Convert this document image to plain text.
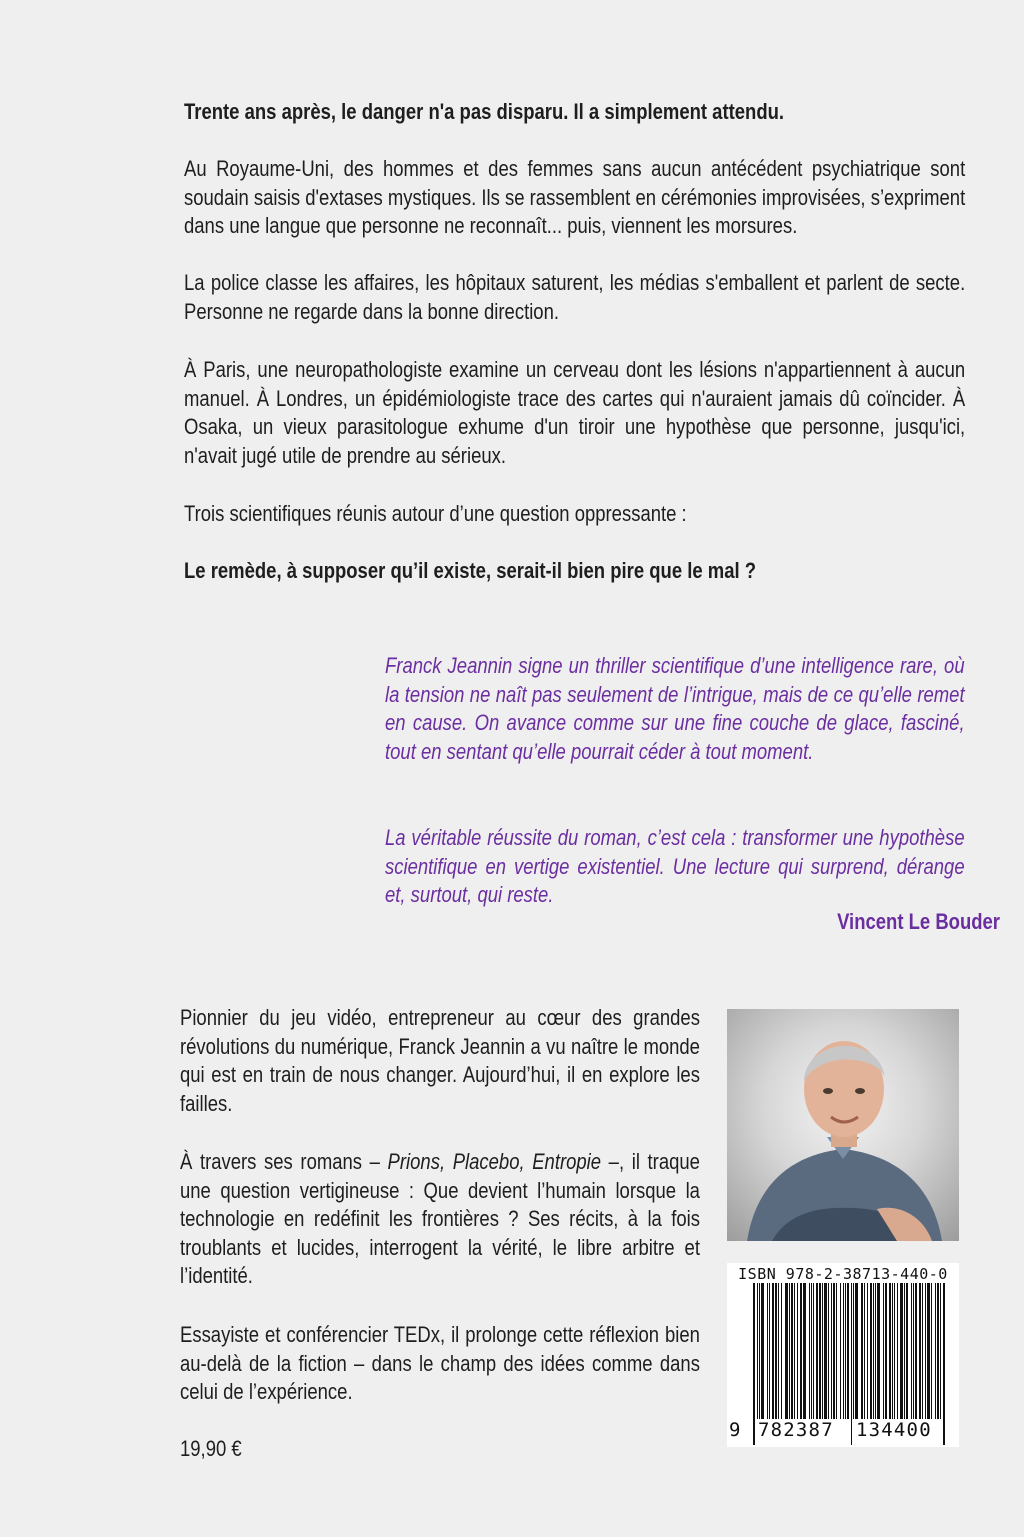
Trente ans après, le danger n'a pas disparu. Il a simplement attendu.
Au Royaume-Uni, des hommes et des femmes sans aucun antécédent psychiatrique sont soudain saisis d'extases mystiques. Ils se rassemblent en cérémonies improvisées, s’expriment dans une langue que personne ne reconnaît... puis, viennent les morsures.
La police classe les affaires, les hôpitaux saturent, les médias s'emballent et parlent de secte. Personne ne regarde dans la bonne direction.
À Paris, une neuropathologiste examine un cerveau dont les lésions n'appartiennent à aucun manuel. À Londres, un épidémiologiste trace des cartes qui n'auraient jamais dû coïncider. À Osaka, un vieux parasitologue exhume d'un tiroir une hypothèse que personne, jusqu'ici, n'avait jugé utile de prendre au sérieux.
Trois scientifiques réunis autour d’une question oppressante :
Le remède, à supposer qu’il existe, serait-il bien pire que le mal ?
Franck Jeannin signe un thriller scientifique d’une intelligence rare, où la tension ne naît pas seulement de l’intrigue, mais de ce qu’elle remet en cause. On avance comme sur une fine couche de glace, fasciné, tout en sentant qu’elle pourrait céder à tout moment.
La véritable réussite du roman, c’est cela : transformer une hypothèse scientifique en vertige existentiel. Une lecture qui surprend, dérange et, surtout, qui reste.
Vincent Le Bouder
Pionnier du jeu vidéo, entrepreneur au cœur des grandes révolutions du numérique, Franck Jeannin a vu naître le monde qui est en train de nous changer. Aujourd’hui, il en explore les failles.
À travers ses romans – Prions, Placebo, Entropie –, il traque une question vertigineuse : Que devient l’humain lorsque la technologie en redéfinit les frontières ? Ses récits, à la fois troublants et lucides, interrogent la vérité, le libre arbitre et l’identité.
Essayiste et conférencier TEDx, il prolonge cette réflexion bien au-delà de la fiction – dans le champ des idées comme dans celui de l’expérience.
19,90 €
ISBN 978-2-38713-440-0
9 782387 134400
